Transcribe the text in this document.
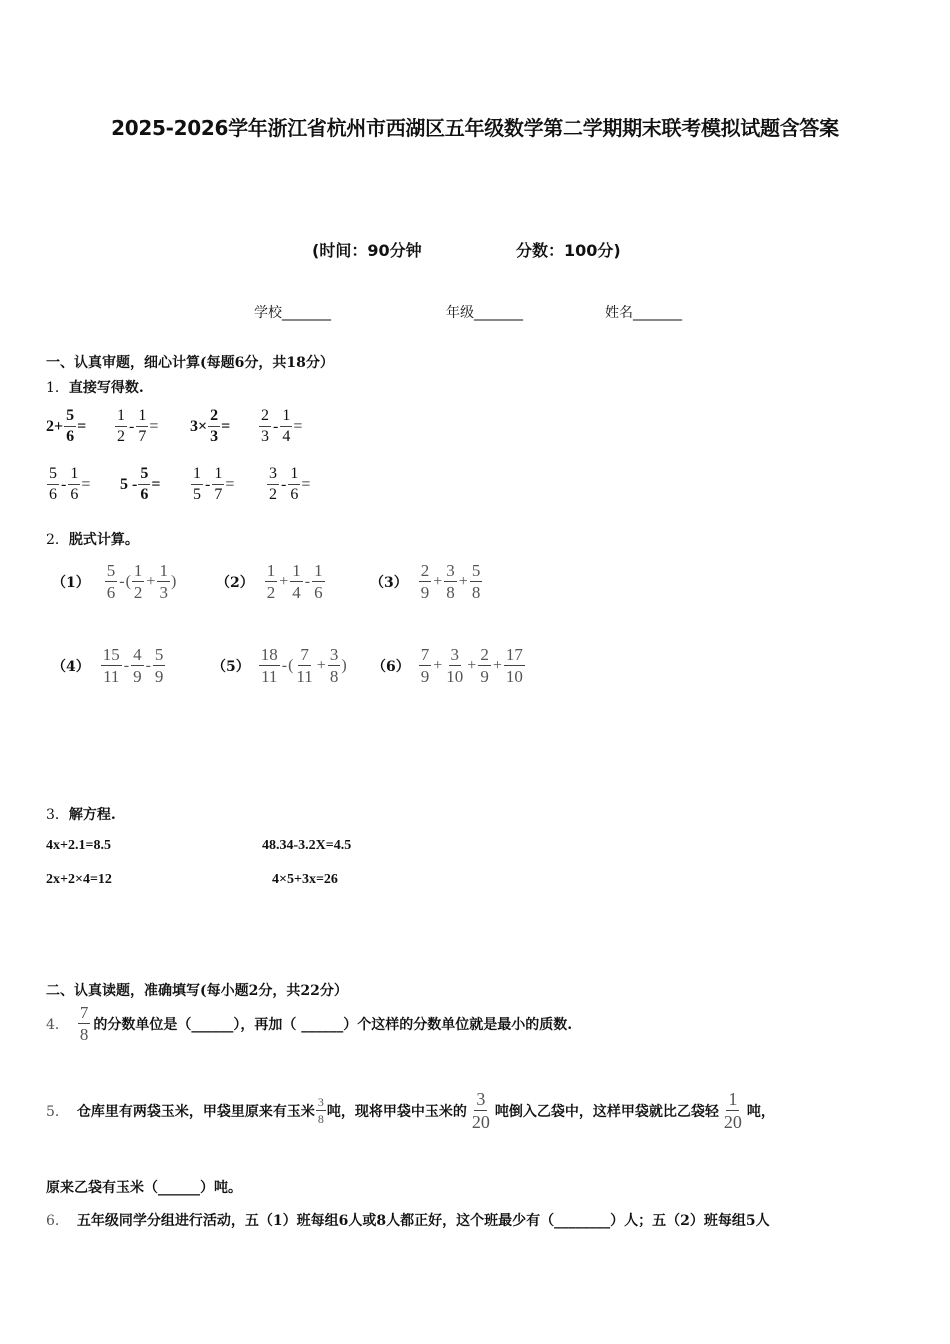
2025-2026学年浙江省杭州市西湖区五年级数学第二学期期末联考模拟试题含答案
(时间：90分钟	分数：100分)
学校_______	年级_______	姓名_______
一、认真审题，细心计算(每题6分，共18分）
1．直接写得数.
$2+ \frac{5}{6} = \frac{1}{2} - \frac{1}{7} = 3\times \frac{2}{3} = \frac{2}{3} - \frac{1}{4}$ =
$\frac{5}{6} - \frac{1}{6} = 5 - \frac{5}{6} = \frac{1}{5} - \frac{1}{7} = \frac{3}{2} - \frac{1}{6}$ =
2．脱式计算。
$(1) \frac{5}{6}$ - ( $\frac{1}{2} + \frac{1}{3}$ )	$(2) \frac{1}{2} + \frac{1}{4} - \frac{1}{6}$	$(3) \frac{2}{9} + \frac{3}{8} + \frac{5}{8}$
$(4) \frac{15}{11} - \frac{4}{9} - \frac{5}{9}$	$(5) \frac{18}{11}$ - ( $\frac{7}{11} + \frac{3}{8}$ ) $(6) \frac{7}{9} + \frac{3}{10} + \frac{2}{9} + \frac{17}{10}$
3．解方程.
4x+2.1=8.5	48.34-3.2X=4.5
2x+2×4=12	4×5+3x=26
二、认真读题，准确填写(每小题2分，共22分）
4． $\frac{7}{8}$ 的分数单位是（______），再加（ ______）个这样的分数单位就是最小的质数.
5． 仓库里有两袋玉米，甲袋里原来有玉米 $\frac{3}{8}$ 吨，现将甲袋中玉米的 $\frac{3}{20}$ 吨倒入乙袋中，这样甲袋就比乙袋轻 $\frac{1}{20}$ 吨，
原来乙袋有玉米（______）吨。
6． 五年级同学分组进行活动，五（1）班每组6人或8人都正好，这个班最少有（________）人；五（2）班每组5人
